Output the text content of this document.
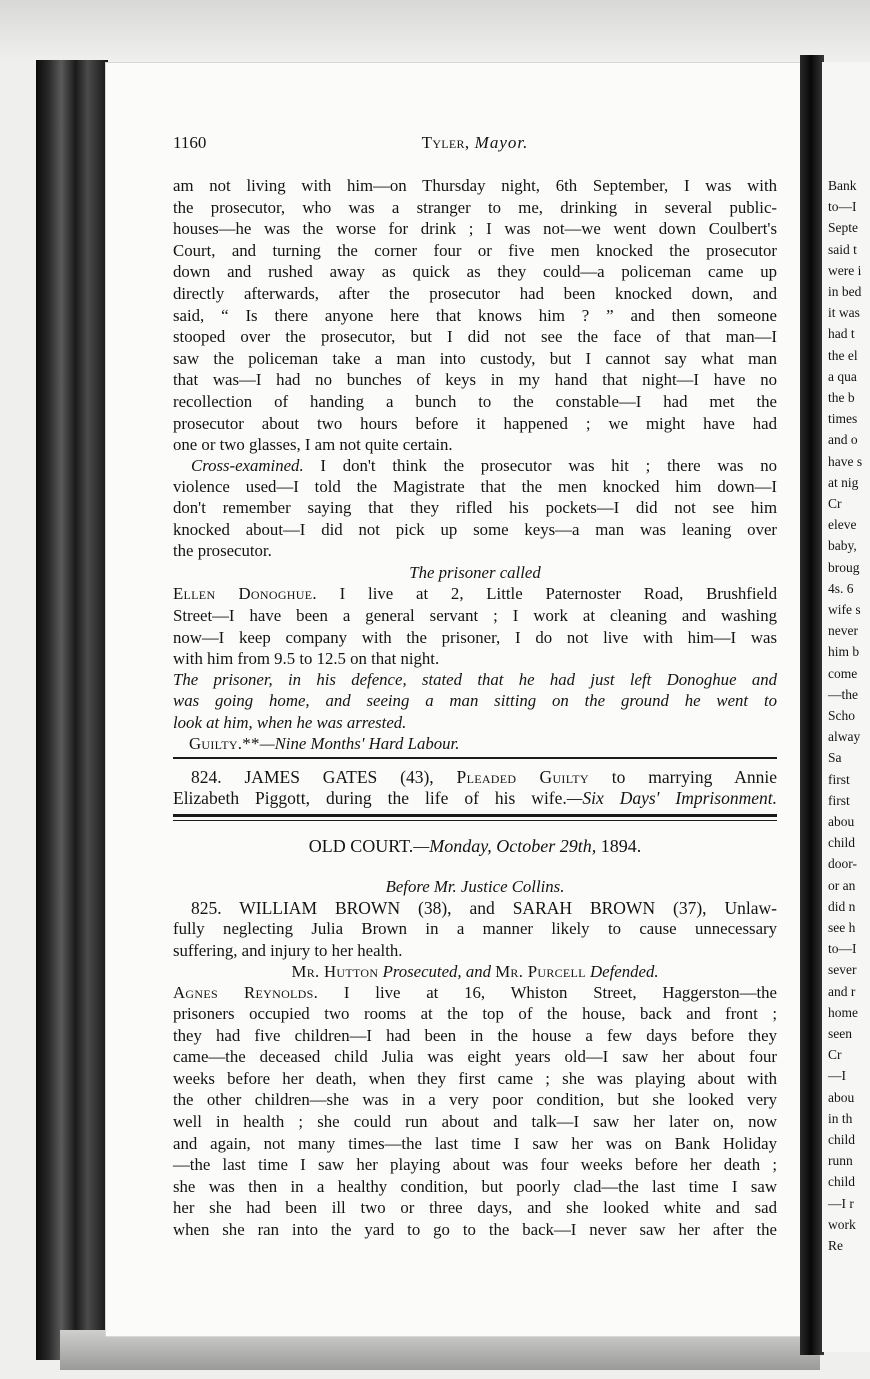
Bank
to—I
Septe
said t
were i
in bed
it was
had t
the el
a qua
the b
times
and o
have s
at nig
Cr
eleve
baby,
broug
4s. 6
wife s
never
him b
come
—the
Scho
alway
Sa
first
first
abou
child
door-
or an
did n
see h
to—I
sever
and r
home
seen
Cr
—I
abou
in th
child
runn
child
—I r
work
Re
1160	Tyler, Mayor.
am not living with him—on Thursday night, 6th September, I was with
the prosecutor, who was a stranger to me, drinking in several public-
houses—he was the worse for drink ; I was not—we went down Coulbert's
Court, and turning the corner four or five men knocked the prosecutor
down and rushed away as quick as they could—a policeman came up
directly afterwards, after the prosecutor had been knocked down, and
said, “ Is there anyone here that knows him ? ” and then someone
stooped over the prosecutor, but I did not see the face of that man—I
saw the policeman take a man into custody, but I cannot say what man
that was—I had no bunches of keys in my hand that night—I have no
recollection of handing a bunch to the constable—I had met the
prosecutor about two hours before it happened ; we might have had
one or two glasses, I am not quite certain.
Cross-examined. I don't think the prosecutor was hit ; there was no
violence used—I told the Magistrate that the men knocked him down—I
don't remember saying that they rifled his pockets—I did not see him
knocked about—I did not pick up some keys—a man was leaning over
the prosecutor.
The prisoner called
Ellen Donoghue. I live at 2, Little Paternoster Road, Brushfield
Street—I have been a general servant ; I work at cleaning and washing
now—I keep company with the prisoner, I do not live with him—I was
with him from 9.5 to 12.5 on that night.
The prisoner, in his defence, stated that he had just left Donoghue and
was going home, and seeing a man sitting on the ground he went to
look at him, when he was arrested.
Guilty.**—Nine Months' Hard Labour.
824. JAMES GATES (43), Pleaded Guilty to marrying Annie
Elizabeth Piggott, during the life of his wife.—Six Days' Imprisonment.
OLD COURT.—Monday, October 29th, 1894.
Before Mr. Justice Collins.
825. WILLIAM BROWN (38), and SARAH BROWN (37), Unlaw-
fully neglecting Julia Brown in a manner likely to cause unnecessary
suffering, and injury to her health.
Mr. Hutton Prosecuted, and Mr. Purcell Defended.
Agnes Reynolds. I live at 16, Whiston Street, Haggerston—the
prisoners occupied two rooms at the top of the house, back and front ;
they had five children—I had been in the house a few days before they
came—the deceased child Julia was eight years old—I saw her about four
weeks before her death, when they first came ; she was playing about with
the other children—she was in a very poor condition, but she looked very
well in health ; she could run about and talk—I saw her later on, now
and again, not many times—the last time I saw her was on Bank Holiday
—the last time I saw her playing about was four weeks before her death ;
she was then in a healthy condition, but poorly clad—the last time I saw
her she had been ill two or three days, and she looked white and sad
when she ran into the yard to go to the back—I never saw her after the
